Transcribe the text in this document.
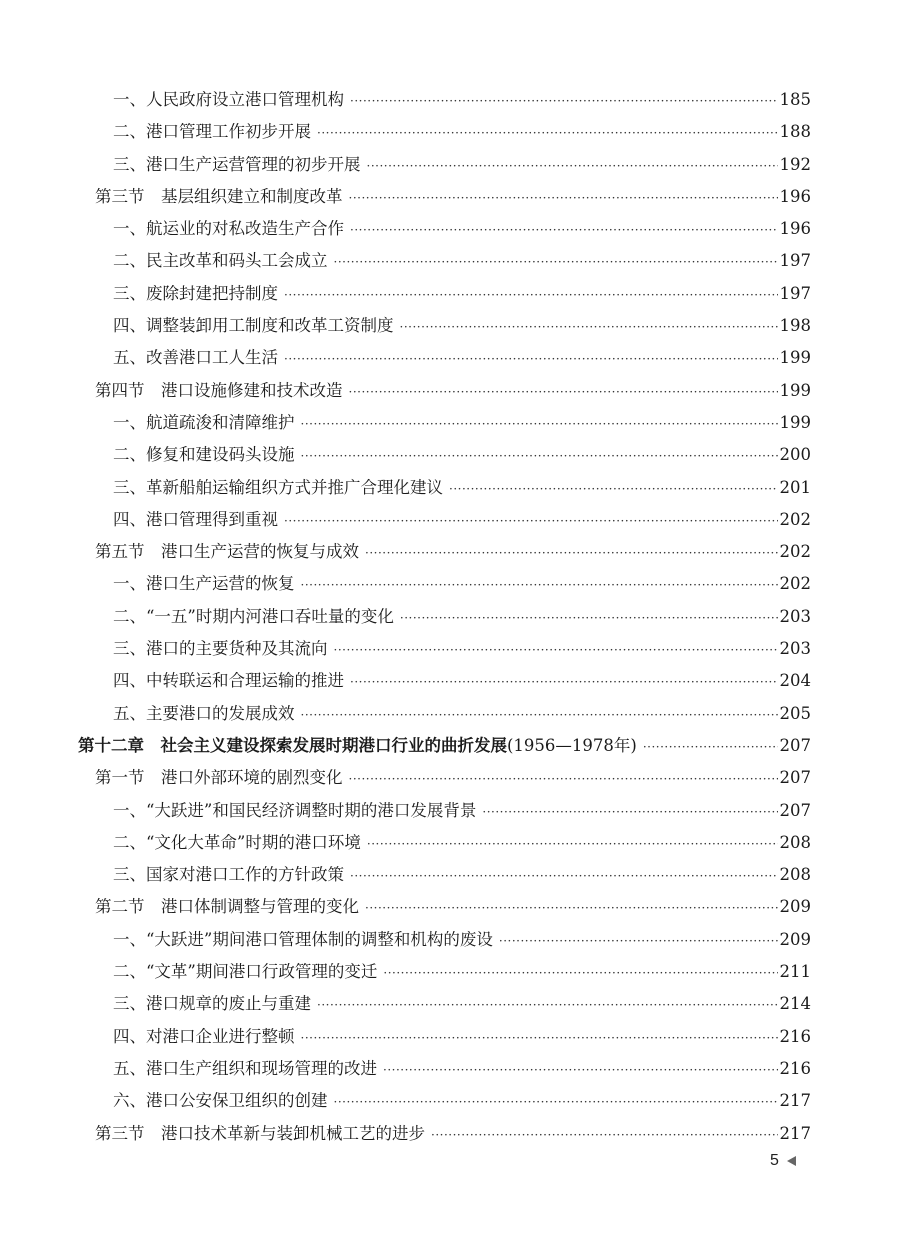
一、人民政府设立港口管理机构 ·····	185
二、港口管理工作初步开展 ·····	188
三、港口生产运营管理的初步开展 ·····	192
第三节　基层组织建立和制度改革 ·····	196
一、航运业的对私改造生产合作 ·····	196
二、民主改革和码头工会成立 ·····	197
三、废除封建把持制度 ·····	197
四、调整装卸用工制度和改革工资制度 ·····	198
五、改善港口工人生活 ·····	199
第四节　港口设施修建和技术改造 ·····	199
一、航道疏浚和清障维护 ·····	199
二、修复和建设码头设施 ·····	200
三、革新船舶运输组织方式并推广合理化建议 ·····	201
四、港口管理得到重视 ·····	202
第五节　港口生产运营的恢复与成效 ·····	202
一、港口生产运营的恢复 ·····	202
二、“一五”时期内河港口吞吐量的变化 ·····	203
三、港口的主要货种及其流向 ·····	203
四、中转联运和合理运输的推进 ·····	204
五、主要港口的发展成效 ·····	205
第十二章　社会主义建设探索发展时期港口行业的曲折发展(1956—1978年) ·····	207
第一节　港口外部环境的剧烈变化 ·····	207
一、“大跃进”和国民经济调整时期的港口发展背景 ·····	207
二、“文化大革命”时期的港口环境 ·····	208
三、国家对港口工作的方针政策 ·····	208
第二节　港口体制调整与管理的变化 ·····	209
一、“大跃进”期间港口管理体制的调整和机构的废设 ·····	209
二、“文革”期间港口行政管理的变迁 ·····	211
三、港口规章的废止与重建 ·····	214
四、对港口企业进行整顿 ·····	216
五、港口生产组织和现场管理的改进 ·····	216
六、港口公安保卫组织的创建 ·····	217
第三节　港口技术革新与装卸机械工艺的进步 ·····	217
5
